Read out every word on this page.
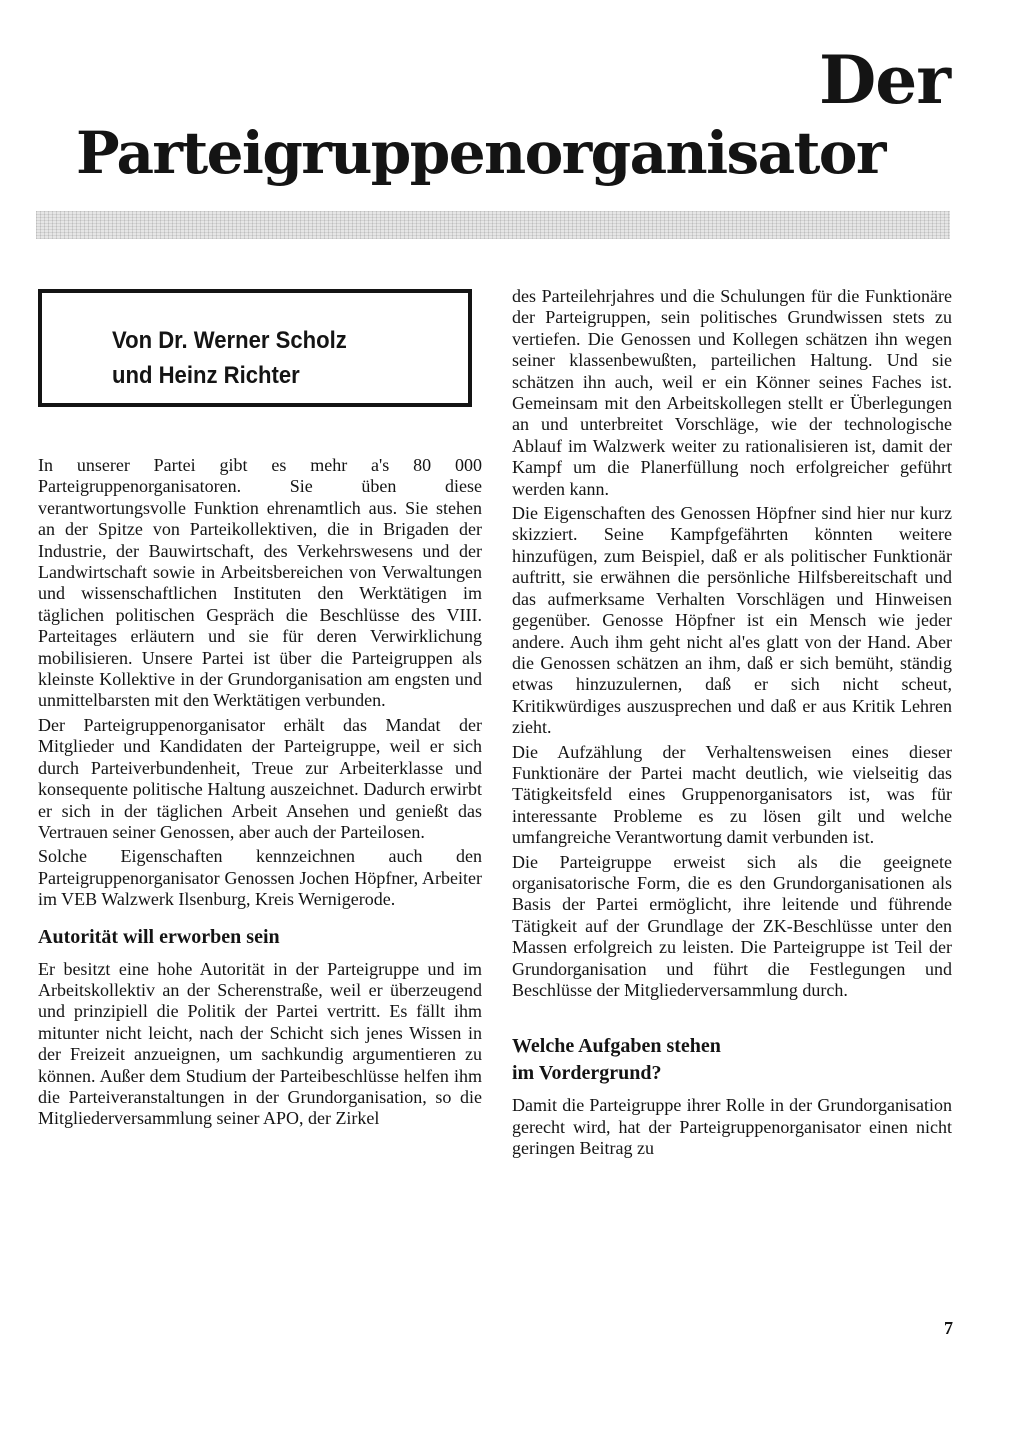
Der
Parteigruppenorganisator

Von Dr. Werner Scholz

und Heinz Richter

In unserer Partei gibt es mehr a's 80 000 Parteigruppenorganisatoren. Sie üben diese verantwortungsvolle Funktion ehrenamtlich aus. Sie stehen an der Spitze von Parteikollektiven, die in Brigaden der Industrie, der Bauwirtschaft, des Verkehrswesens und der Landwirtschaft sowie in Arbeitsbereichen von Verwaltungen und wissenschaftlichen Instituten den Werktätigen im täglichen politischen Gespräch die Beschlüsse des VIII. Parteitages erläutern und sie für deren Verwirklichung mobilisieren. Unsere Partei ist über die Parteigruppen als kleinste Kollektive in der Grundorganisation am engsten und unmittelbarsten mit den Werktätigen verbunden.

Der Parteigruppenorganisator erhält das Mandat der Mitglieder und Kandidaten der Parteigruppe, weil er sich durch Parteiverbundenheit, Treue zur Arbeiterklasse und konsequente politische Haltung auszeichnet. Dadurch erwirbt er sich in der täglichen Arbeit Ansehen und genießt das Vertrauen seiner Genossen, aber auch der Parteilosen.

Solche Eigenschaften kennzeichnen auch den Parteigruppenorganisator Genossen Jochen Höpfner, Arbeiter im VEB Walzwerk Ilsenburg, Kreis Wernigerode.

Autorität will erworben sein

Er besitzt eine hohe Autorität in der Parteigruppe und im Arbeitskollektiv an der Scherenstraße, weil er überzeugend und prinzipiell die Politik der Partei vertritt. Es fällt ihm mitunter nicht leicht, nach der Schicht sich jenes Wissen in der Freizeit anzueignen, um sachkundig argumentieren zu können. Außer dem Studium der Parteibeschlüsse helfen ihm die Parteiveranstaltungen in der Grundorganisation, so die Mitgliederversammlung seiner APO, der Zirkel

des Parteilehrjahres und die Schulungen für die Funktionäre der Parteigruppen, sein politisches Grundwissen stets zu vertiefen. Die Genossen und Kollegen schätzen ihn wegen seiner klassenbewußten, parteilichen Haltung. Und sie schätzen ihn auch, weil er ein Könner seines Faches ist. Gemeinsam mit den Arbeitskollegen stellt er Überlegungen an und unterbreitet Vorschläge, wie der technologische Ablauf im Walzwerk weiter zu rationalisieren ist, damit der Kampf um die Planerfüllung noch erfolgreicher geführt werden kann.

Die Eigenschaften des Genossen Höpfner sind hier nur kurz skizziert. Seine Kampfgefährten könnten weitere hinzufügen, zum Beispiel, daß er als politischer Funktionär auftritt, sie erwähnen die persönliche Hilfsbereitschaft und das aufmerksame Verhalten Vorschlägen und Hinweisen gegenüber. Genosse Höpfner ist ein Mensch wie jeder andere. Auch ihm geht nicht al'es glatt von der Hand. Aber die Genossen schätzen an ihm, daß er sich bemüht, ständig etwas hinzuzulernen, daß er sich nicht scheut, Kritikwürdiges auszusprechen und daß er aus Kritik Lehren zieht.

Die Aufzählung der Verhaltensweisen eines dieser Funktionäre der Partei macht deutlich, wie vielseitig das Tätigkeitsfeld eines Gruppenorganisators ist, was für interessante Probleme es zu lösen gilt und welche umfangreiche Verantwortung damit verbunden ist.

Die Parteigruppe erweist sich als die geeignete organisatorische Form, die es den Grundorganisationen als Basis der Partei ermöglicht, ihre leitende und führende Tätigkeit auf der Grundlage der ZK-Beschlüsse unter den Massen erfolgreich zu leisten. Die Parteigruppe ist Teil der Grundorganisation und führt die Festlegungen und Beschlüsse der Mitgliederversammlung durch.

Welche Aufgaben stehen
im Vordergrund?

Damit die Parteigruppe ihrer Rolle in der Grundorganisation gerecht wird, hat der Parteigruppenorganisator einen nicht geringen Beitrag zu

7
